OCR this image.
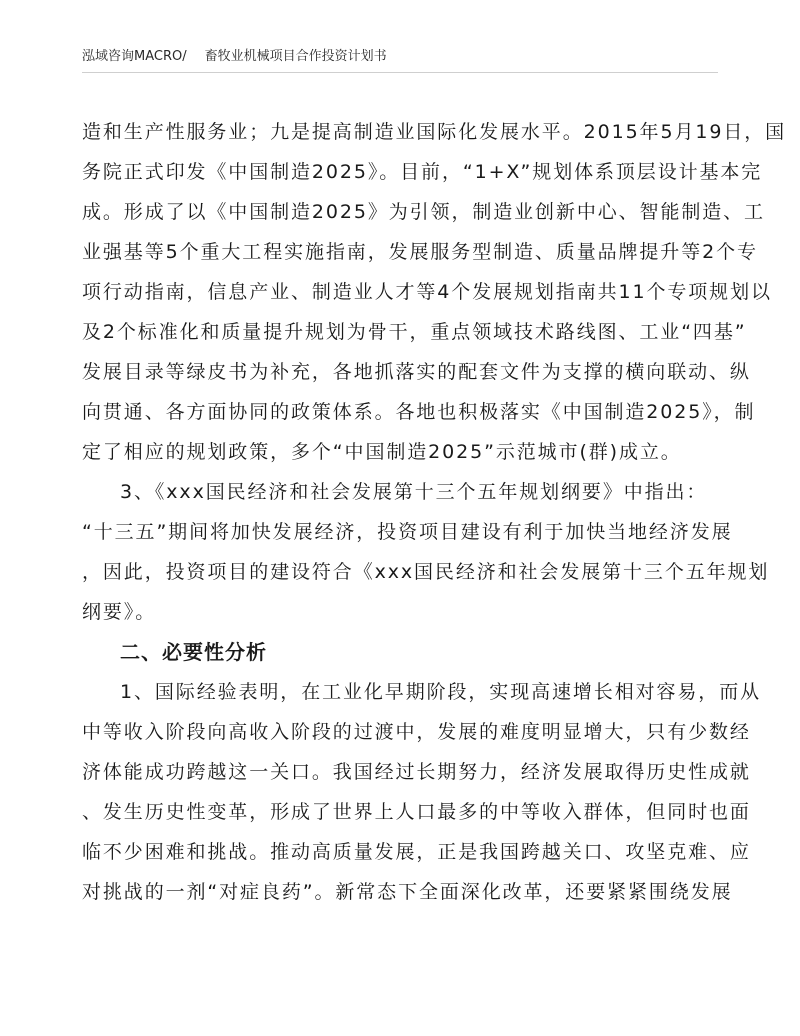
泓域咨询MACRO/ 畜牧业机械项目合作投资计划书

造和生产性服务业；九是提高制造业国际化发展水平。2015年5月19日，国
务院正式印发《中国制造2025》。目前，“1+X”规划体系顶层设计基本完
成。形成了以《中国制造2025》为引领，制造业创新中心、智能制造、工
业强基等5个重大工程实施指南，发展服务型制造、质量品牌提升等2个专
项行动指南，信息产业、制造业人才等4个发展规划指南共11个专项规划以
及2个标准化和质量提升规划为骨干，重点领域技术路线图、工业“四基”
发展目录等绿皮书为补充，各地抓落实的配套文件为支撑的横向联动、纵
向贯通、各方面协同的政策体系。各地也积极落实《中国制造2025》，制
定了相应的规划政策，多个“中国制造2025”示范城市(群)成立。

3、《xxx国民经济和社会发展第十三个五年规划纲要》中指出：
“十三五”期间将加快发展经济，投资项目建设有利于加快当地经济发展
，因此，投资项目的建设符合《xxx国民经济和社会发展第十三个五年规划
纲要》。

二、必要性分析

1、国际经验表明，在工业化早期阶段，实现高速增长相对容易，而从
中等收入阶段向高收入阶段的过渡中，发展的难度明显增大，只有少数经
济体能成功跨越这一关口。我国经过长期努力，经济发展取得历史性成就
、发生历史性变革，形成了世界上人口最多的中等收入群体，但同时也面
临不少困难和挑战。推动高质量发展，正是我国跨越关口、攻坚克难、应
对挑战的一剂“对症良药”。新常态下全面深化改革，还要紧紧围绕发展
